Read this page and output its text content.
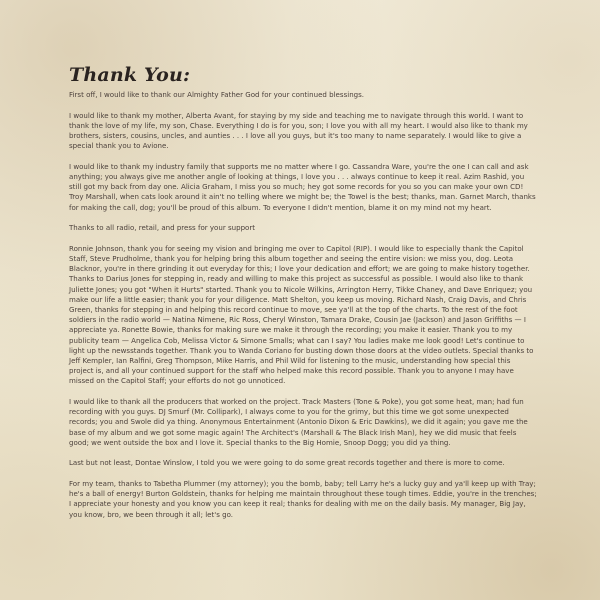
Thank You:

First off, I would like to thank our Almighty Father God for your continued blessings.

I would like to thank my mother, Alberta Avant, for staying by my side and teaching me to navigate through this world. I want to thank the love of my life, my son, Chase. Everything I do is for you, son; I love you with all my heart. I would also like to thank my brothers, sisters, cousins, uncles, and aunties . . . I love all you guys, but it's too many to name separately. I would like to give a special thank you to Avione.

I would like to thank my industry family that supports me no matter where I go. Cassandra Ware, you're the one I can call and ask anything; you always give me another angle of looking at things, I love you . . . always continue to keep it real. Azim Rashid, you still got my back from day one. Alicia Graham, I miss you so much; hey got some records for you so you can make your own CD! Troy Marshall, when cats look around it ain't no telling where we might be; the Towel is the best; thanks, man. Garnet March, thanks for making the call, dog; you'll be proud of this album. To everyone I didn't mention, blame it on my mind not my heart.

Thanks to all radio, retail, and press for your support

Ronnie Johnson, thank you for seeing my vision and bringing me over to Capitol (RIP). I would like to especially thank the Capitol Staff, Steve Prudholme, thank you for helping bring this album together and seeing the entire vision: we miss you, dog. Leota Blacknor, you're in there grinding it out everyday for this; I love your dedication and effort; we are going to make history together. Thanks to Darius Jones for stepping in, ready and willing to make this project as successful as possible. I would also like to thank Juliette Jones; you got "When it Hurts" started. Thank you to Nicole Wilkins, Arrington Herry, Tikke Chaney, and Dave Enriquez; you make our life a little easier; thank you for your diligence. Matt Shelton, you keep us moving. Richard Nash, Craig Davis, and Chris Green, thanks for stepping in and helping this record continue to move, see ya'll at the top of the charts. To the rest of the foot soldiers in the radio world — Natina Nimene, Ric Ross, Cheryl Winston, Tamara Drake, Cousin Jae (Jackson) and Jason Griffiths — I appreciate ya. Ronette Bowie, thanks for making sure we make it through the recording; you make it easier. Thank you to my publicity team — Angelica Cob, Melissa Victor & Simone Smalls; what can I say? You ladies make me look good! Let's continue to light up the newsstands together. Thank you to Wanda Coriano for busting down those doors at the video outlets. Special thanks to Jeff Kempler, Ian Ralfini, Greg Thompson, Mike Harris, and Phil Wild for listening to the music, understanding how special this project is, and all your continued support for the staff who helped make this record possible. Thank you to anyone I may have missed on the Capitol Staff; your efforts do not go unnoticed.

I would like to thank all the producers that worked on the project. Track Masters (Tone & Poke), you got some heat, man; had fun recording with you guys. DJ Smurf (Mr. Collipark), I always come to you for the grimy, but this time we got some unexpected records; you and Swole did ya thing. Anonymous Entertainment (Antonio Dixon & Eric Dawkins), we did it again; you gave me the base of my album and we got some magic again! The Architect's (Marshall & The Black Irish Man), hey we did music that feels good; we went outside the box and I love it. Special thanks to the Big Homie, Snoop Dogg; you did ya thing.

Last but not least, Dontae Winslow, I told you we were going to do some great records together and there is more to come.

For my team, thanks to Tabetha Plummer (my attorney); you the bomb, baby; tell Larry he's a lucky guy and ya'll keep up with Tray; he's a ball of energy! Burton Goldstein, thanks for helping me maintain throughout these tough times. Eddie, you're in the trenches; I appreciate your honesty and you know you can keep it real; thanks for dealing with me on the daily basis. My manager, Big Jay, you know, bro, we been through it all; let's go.
